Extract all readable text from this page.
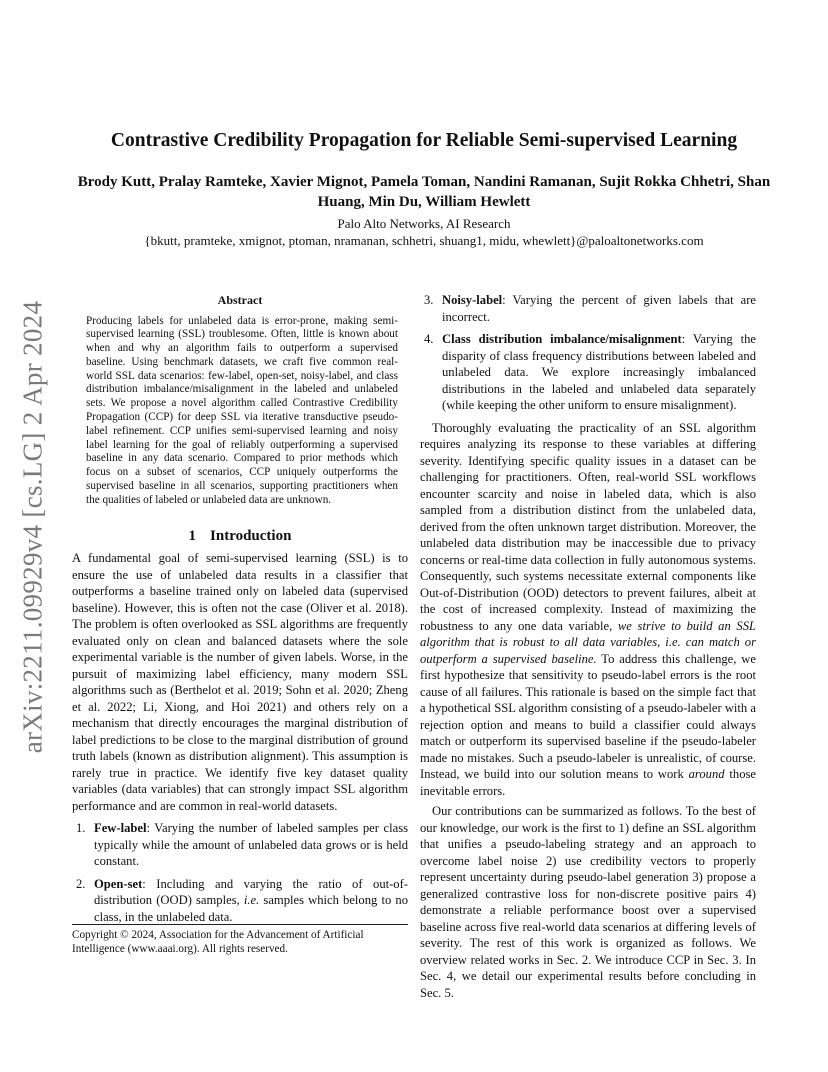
arXiv:2211.09929v4 [cs.LG] 2 Apr 2024
Contrastive Credibility Propagation for Reliable Semi-supervised Learning

Brody Kutt, Pralay Ramteke, Xavier Mignot, Pamela Toman, Nandini Ramanan, Sujit Rokka Chhetri, Shan Huang, Min Du, William Hewlett

Palo Alto Networks, AI Research
{bkutt, pramteke, xmignot, ptoman, nramanan, schhetri, shuang1, midu, whewlett}@paloaltonetworks.com
Abstract

Producing labels for unlabeled data is error-prone, making semi-supervised learning (SSL) troublesome. Often, little is known about when and why an algorithm fails to outperform a supervised baseline. Using benchmark datasets, we craft five common real-world SSL data scenarios: few-label, open-set, noisy-label, and class distribution imbalance/misalignment in the labeled and unlabeled sets. We propose a novel algorithm called Contrastive Credibility Propagation (CCP) for deep SSL via iterative transductive pseudo-label refinement. CCP unifies semi-supervised learning and noisy label learning for the goal of reliably outperforming a supervised baseline in any data scenario. Compared to prior methods which focus on a subset of scenarios, CCP uniquely outperforms the supervised baseline in all scenarios, supporting practitioners when the qualities of labeled or unlabeled data are unknown.

1 Introduction

A fundamental goal of semi-supervised learning (SSL) is to ensure the use of unlabeled data results in a classifier that outperforms a baseline trained only on labeled data (supervised baseline). However, this is often not the case (Oliver et al. 2018). The problem is often overlooked as SSL algorithms are frequently evaluated only on clean and balanced datasets where the sole experimental variable is the number of given labels. Worse, in the pursuit of maximizing label efficiency, many modern SSL algorithms such as (Berthelot et al. 2019; Sohn et al. 2020; Zheng et al. 2022; Li, Xiong, and Hoi 2021) and others rely on a mechanism that directly encourages the marginal distribution of label predictions to be close to the marginal distribution of ground truth labels (known as distribution alignment). This assumption is rarely true in practice. We identify five key dataset quality variables (data variables) that can strongly impact SSL algorithm performance and are common in real-world datasets.

1. Few-label: Varying the number of labeled samples per class typically while the amount of unlabeled data grows or is held constant.
2. Open-set: Including and varying the ratio of out-of-distribution (OOD) samples, i.e. samples which belong to no class, in the unlabeled data.
Copyright © 2024, Association for the Advancement of Artificial Intelligence (www.aaai.org). All rights reserved.
3. Noisy-label: Varying the percent of given labels that are incorrect.
4. Class distribution imbalance/misalignment: Varying the disparity of class frequency distributions between labeled and unlabeled data. We explore increasingly imbalanced distributions in the labeled and unlabeled data separately (while keeping the other uniform to ensure misalignment).

Thoroughly evaluating the practicality of an SSL algorithm requires analyzing its response to these variables at differing severity. Identifying specific quality issues in a dataset can be challenging for practitioners. Often, real-world SSL workflows encounter scarcity and noise in labeled data, which is also sampled from a distribution distinct from the unlabeled data, derived from the often unknown target distribution. Moreover, the unlabeled data distribution may be inaccessible due to privacy concerns or real-time data collection in fully autonomous systems. Consequently, such systems necessitate external components like Out-of-Distribution (OOD) detectors to prevent failures, albeit at the cost of increased complexity. Instead of maximizing the robustness to any one data variable, we strive to build an SSL algorithm that is robust to all data variables, i.e. can match or outperform a supervised baseline. To address this challenge, we first hypothesize that sensitivity to pseudo-label errors is the root cause of all failures. This rationale is based on the simple fact that a hypothetical SSL algorithm consisting of a pseudo-labeler with a rejection option and means to build a classifier could always match or outperform its supervised baseline if the pseudo-labeler made no mistakes. Such a pseudo-labeler is unrealistic, of course. Instead, we build into our solution means to work around those inevitable errors.

Our contributions can be summarized as follows. To the best of our knowledge, our work is the first to 1) define an SSL algorithm that unifies a pseudo-labeling strategy and an approach to overcome label noise 2) use credibility vectors to properly represent uncertainty during pseudo-label generation 3) propose a generalized contrastive loss for non-discrete positive pairs 4) demonstrate a reliable performance boost over a supervised baseline across five real-world data scenarios at differing levels of severity. The rest of this work is organized as follows. We overview related works in Sec. 2. We introduce CCP in Sec. 3. In Sec. 4, we detail our experimental results before concluding in Sec. 5.
